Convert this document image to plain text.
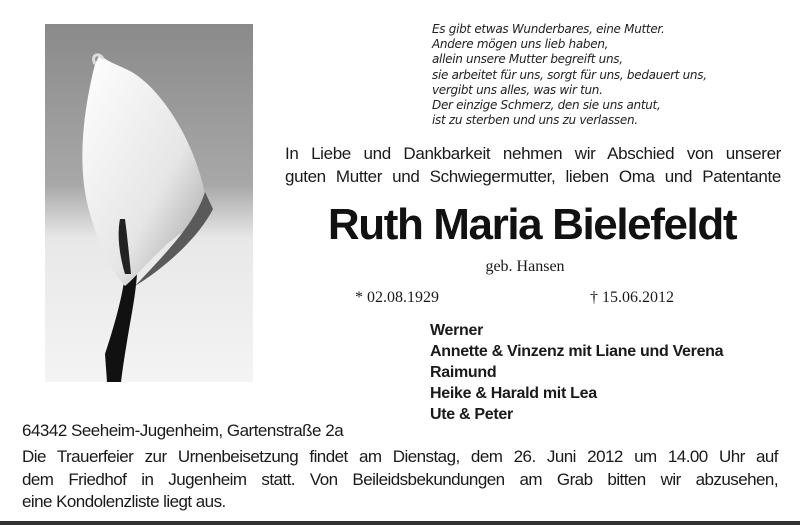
Es gibt etwas Wunderbares, eine Mutter.
Andere mögen uns lieb haben,
allein unsere Mutter begreift uns,
sie arbeitet für uns, sorgt für uns, bedauert uns,
vergibt uns alles, was wir tun.
Der einzige Schmerz, den sie uns antut,
ist zu sterben und uns zu verlassen.
In Liebe und Dankbarkeit nehmen wir Abschied von unserer
guten Mutter und Schwiegermutter, lieben Oma und Patentante
Ruth Maria Bielefeldt
geb. Hansen
* 02.08.1929	† 15.06.2012
Werner
Annette & Vinzenz mit Liane und Verena
Raimund
Heike & Harald mit Lea
Ute & Peter
64342 Seeheim-Jugenheim, Gartenstraße 2a
Die Trauerfeier zur Urnenbeisetzung findet am Dienstag, dem 26. Juni 2012 um 14.00 Uhr auf
dem Friedhof in Jugenheim statt. Von Beileidsbekundungen am Grab bitten wir abzusehen,
eine Kondolenzliste liegt aus.
